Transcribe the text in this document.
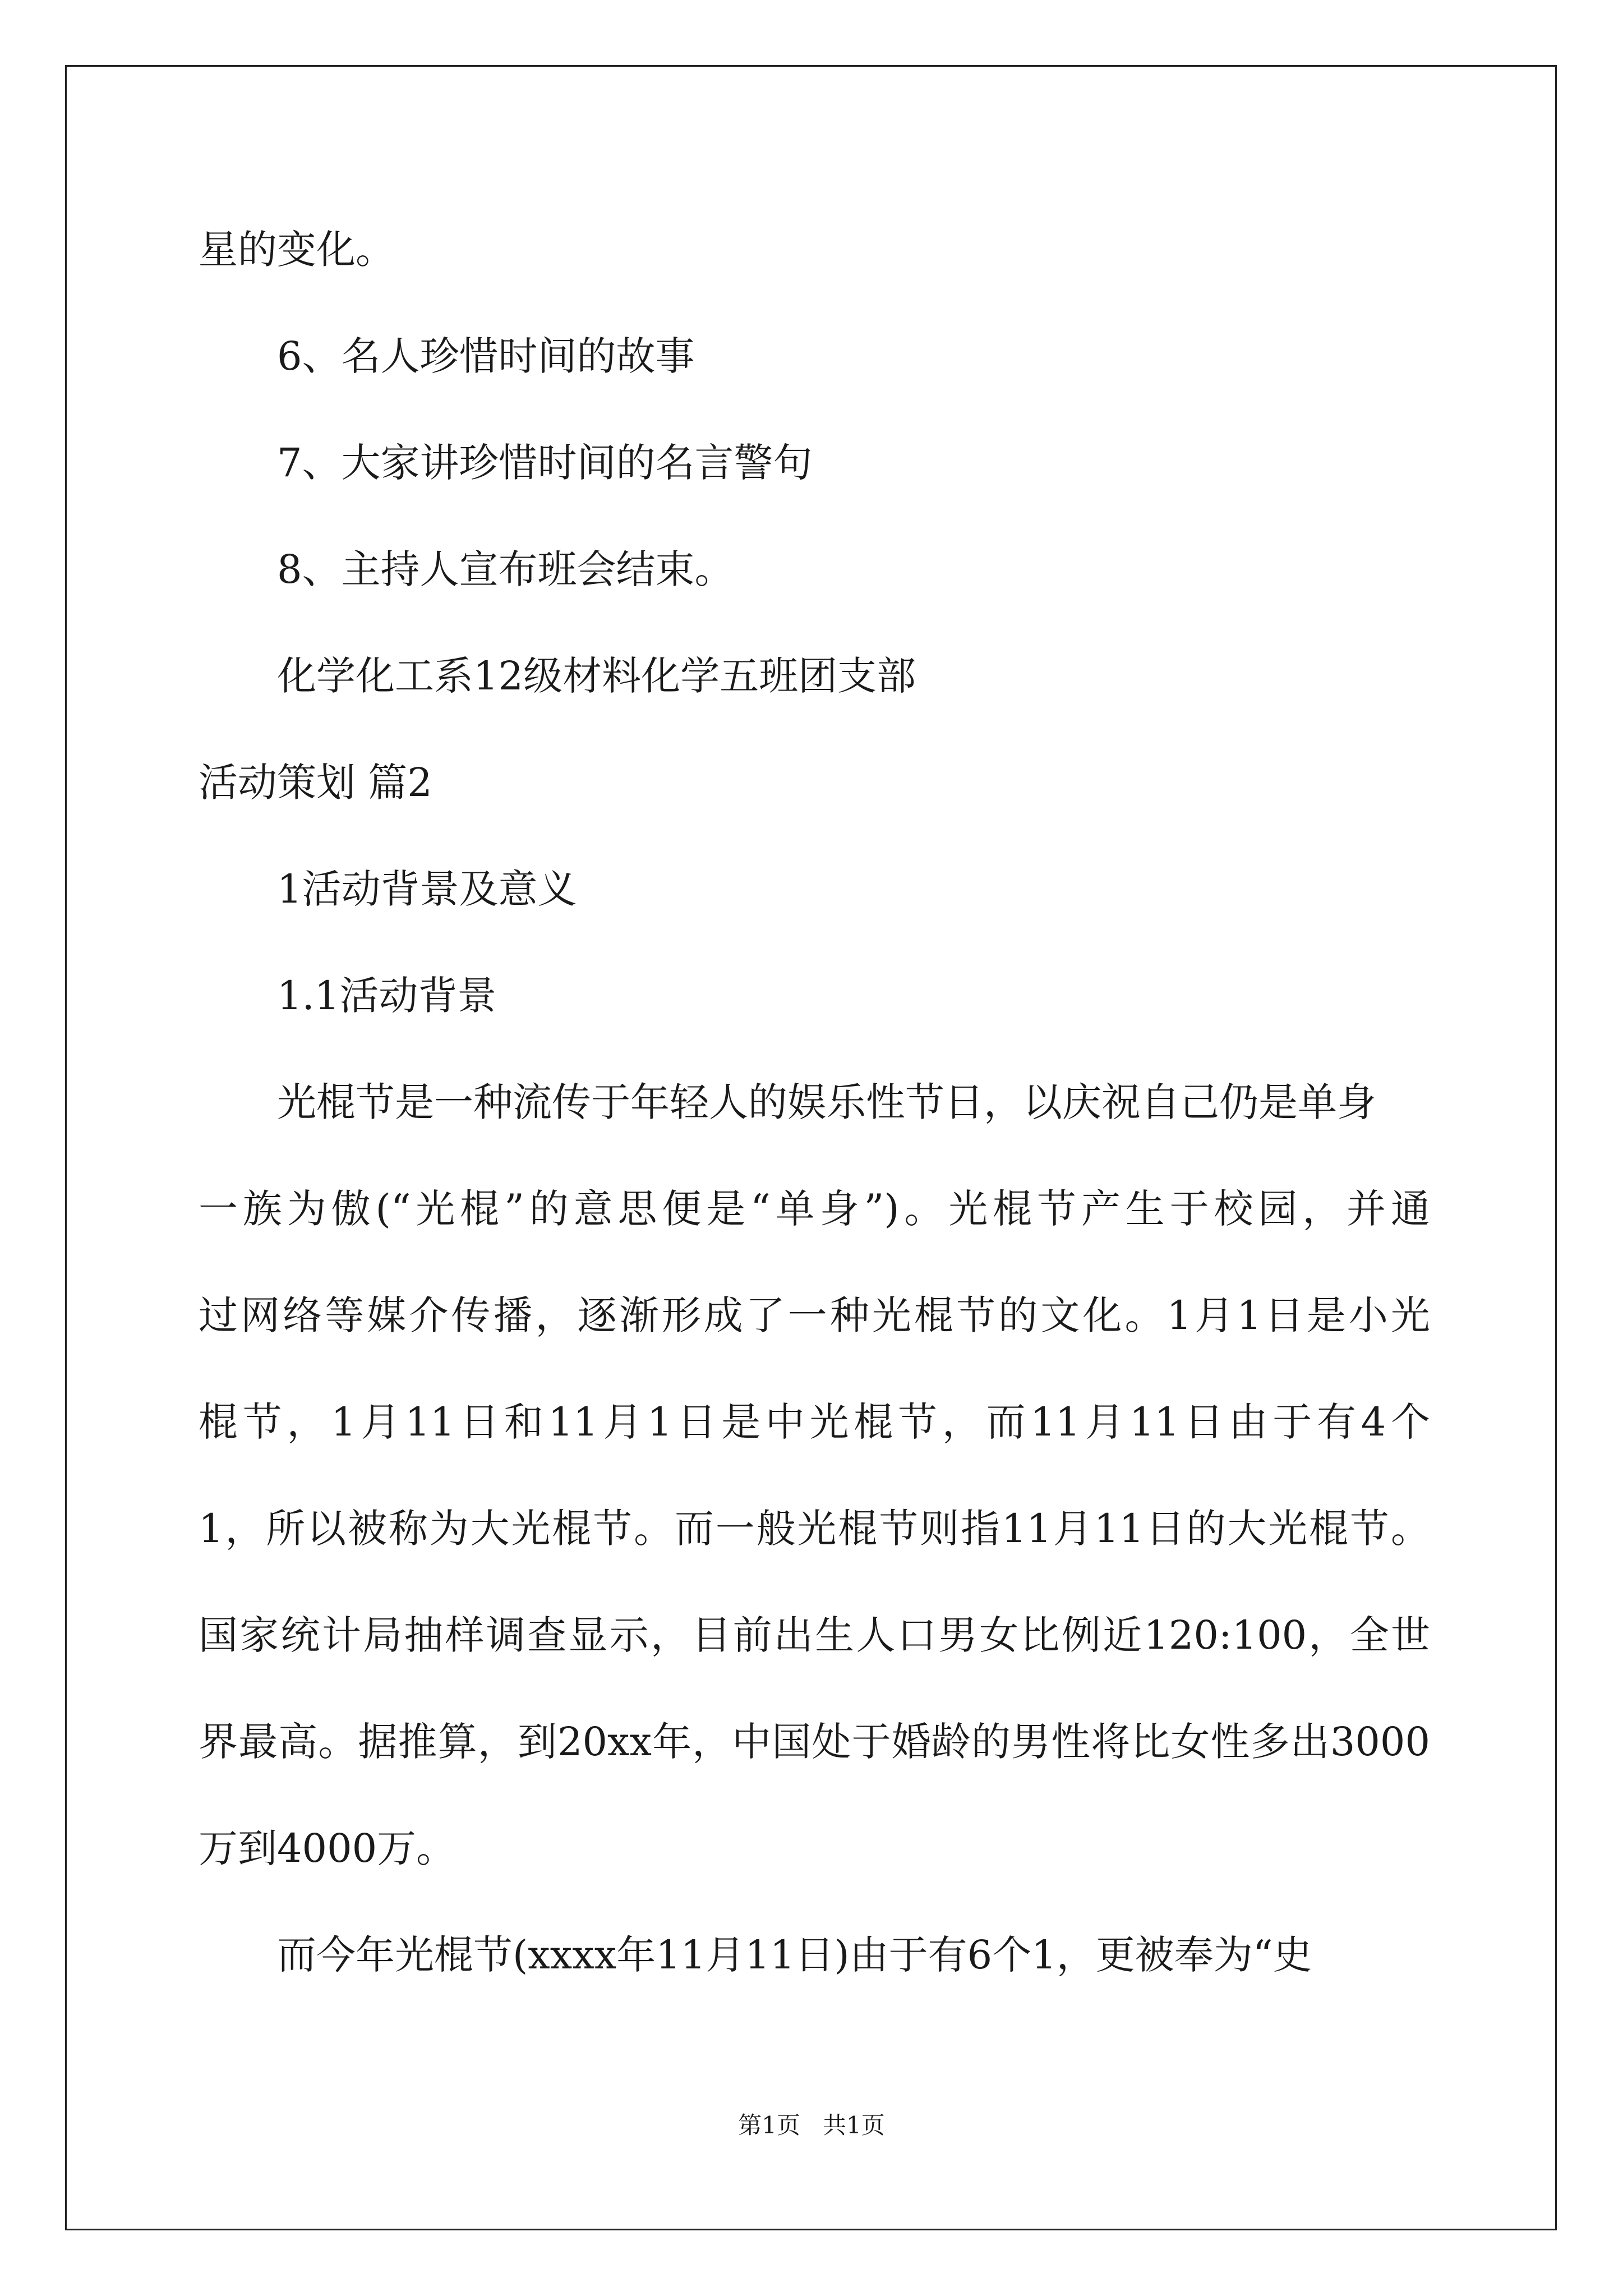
星的变化。
6、名人珍惜时间的故事
7、大家讲珍惜时间的名言警句
8、主持人宣布班会结束。
化学化工系12级材料化学五班团支部
活动策划 篇2
1活动背景及意义
1.1活动背景
光棍节是一种流传于年轻人的娱乐性节日，以庆祝自己仍是单身
一族为傲(“光棍”的意思便是“单身”)。光棍节产生于校园，并通
过网络等媒介传播，逐渐形成了一种光棍节的文化。1月1日是小光
棍节，1月11日和11月1日是中光棍节，而11月11日由于有4个
1，所以被称为大光棍节。而一般光棍节则指11月11日的大光棍节。
国家统计局抽样调查显示，目前出生人口男女比例近120:100，全世
界最高。据推算，到20xx年，中国处于婚龄的男性将比女性多出3000
万到4000万。
而今年光棍节(xxxx年11月11日)由于有6个1，更被奉为“史
第1页   共1页
